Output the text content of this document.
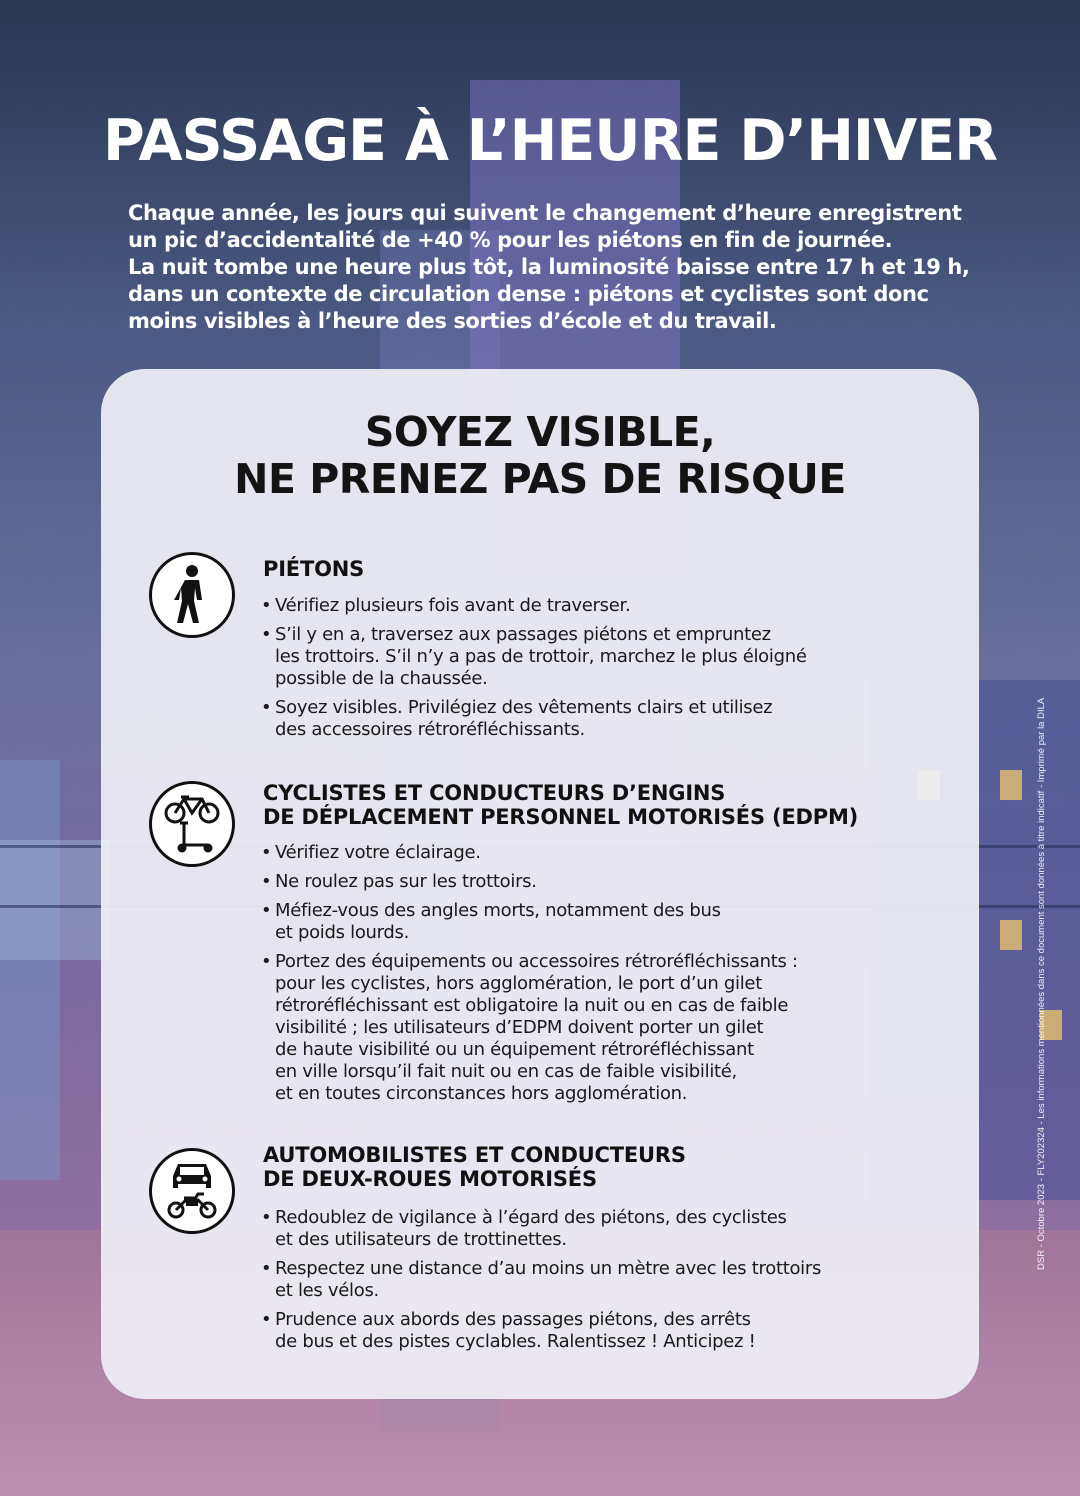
PASSAGE À L’HEURE D’HIVER
Chaque année, les jours qui suivent le changement d’heure enregistrent
un pic d’accidentalité de +40 % pour les piétons en fin de journée.
La nuit tombe une heure plus tôt, la luminosité baisse entre 17 h et 19 h,
dans un contexte de circulation dense : piétons et cyclistes sont donc
moins visibles à l’heure des sorties d’école et du travail.
SOYEZ VISIBLE,
NE PRENEZ PAS DE RISQUE
PIÉTONS
• Vérifiez plusieurs fois avant de traverser.
• S’il y en a, traversez aux passages piétons et empruntez
les trottoirs. S’il n’y a pas de trottoir, marchez le plus éloigné
possible de la chaussée.
• Soyez visibles. Privilégiez des vêtements clairs et utilisez
des accessoires rétroréfléchissants.
CYCLISTES ET CONDUCTEURS D’ENGINS
DE DÉPLACEMENT PERSONNEL MOTORISÉS (EDPM)
• Vérifiez votre éclairage.
• Ne roulez pas sur les trottoirs.
• Méfiez-vous des angles morts, notamment des bus
et poids lourds.
• Portez des équipements ou accessoires rétroréfléchissants :
pour les cyclistes, hors agglomération, le port d’un gilet
rétroréfléchissant est obligatoire la nuit ou en cas de faible
visibilité ; les utilisateurs d’EDPM doivent porter un gilet
de haute visibilité ou un équipement rétroréfléchissant
en ville lorsqu’il fait nuit ou en cas de faible visibilité,
et en toutes circonstances hors agglomération.
AUTOMOBILISTES ET CONDUCTEURS
DE DEUX-ROUES MOTORISÉS
• Redoublez de vigilance à l’égard des piétons, des cyclistes
et des utilisateurs de trottinettes.
• Respectez une distance d’au moins un mètre avec les trottoirs
et les vélos.
• Prudence aux abords des passages piétons, des arrêts
de bus et des pistes cyclables. Ralentissez ! Anticipez !
DSR - Octobre 2023 - FLY202324 - Les informations mentionnées dans ce document sont données à titre indicatif - Imprimé par la DILA
